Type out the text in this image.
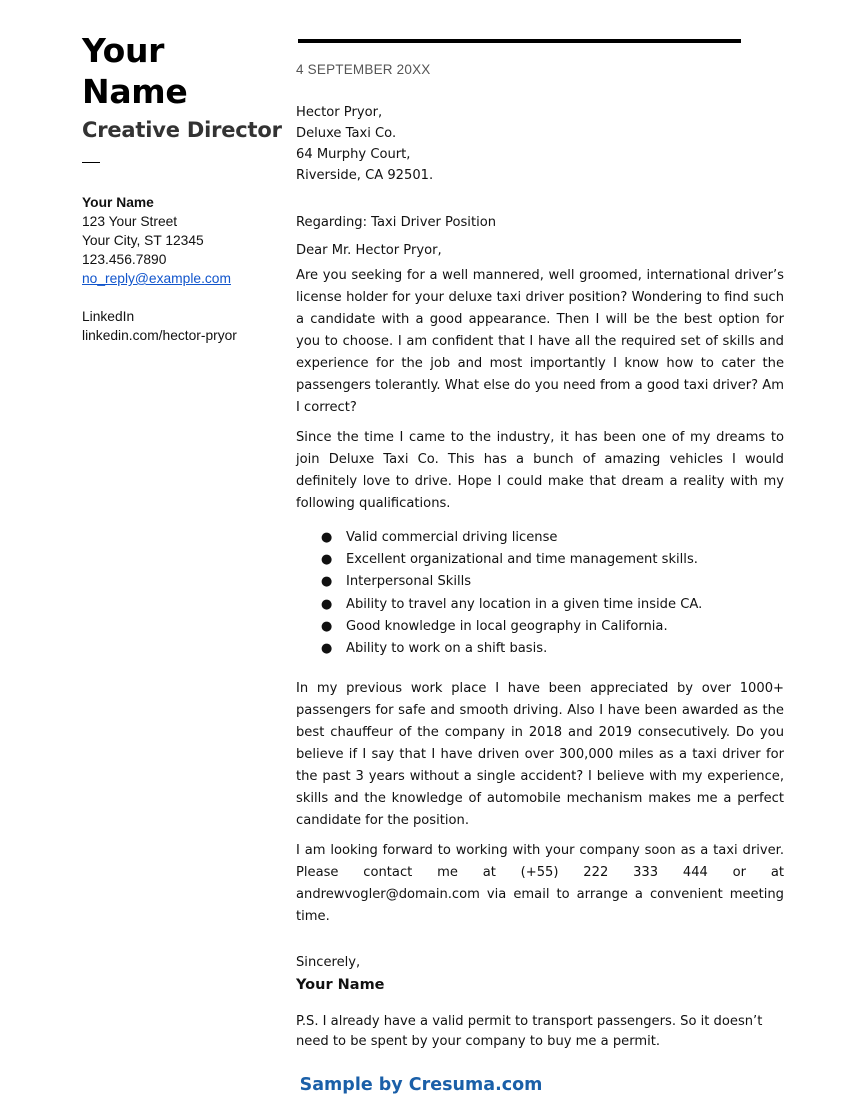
Your
Name
Creative Director
Your Name
123 Your Street
Your City, ST 12345
123.456.7890
no_reply@example.com
LinkedIn
linkedin.com/hector-pryor
4 SEPTEMBER 20XX

Hector Pryor,

Deluxe Taxi Co.

64 Murphy Court,

Riverside, CA 92501.

Regarding: Taxi Driver Position

Dear Mr. Hector Pryor,

Are you seeking for a well mannered, well groomed, international driver’s license holder for your deluxe taxi driver position? Wondering to find such a candidate with a good appearance. Then I will be the best option for you to choose. I am confident that I have all the required set of skills and experience for the job and most importantly I know how to cater the passengers tolerantly. What else do you need from a good taxi driver? Am I correct?

Since the time I came to the industry, it has been one of my dreams to join Deluxe Taxi Co. This has a bunch of amazing vehicles I would definitely love to drive. Hope I could make that dream a reality with my following qualifications.

● Valid commercial driving license
● Excellent organizational and time management skills.
● Interpersonal Skills
● Ability to travel any location in a given time inside CA.
● Good knowledge in local geography in California.
● Ability to work on a shift basis.

In my previous work place I have been appreciated by over 1000+ passengers for safe and smooth driving. Also I have been awarded as the best chauffeur of the company in 2018 and 2019 consecutively. Do you believe if I say that I have driven over 300,000 miles as a taxi driver for the past 3 years without a single accident? I believe with my experience, skills and the knowledge of automobile mechanism makes me a perfect candidate for the position.

I am looking forward to working with your company soon as a taxi driver. Please contact me at (+55) 222 333 444 or at andrewvogler@domain.com via email to arrange a convenient meeting time.

Sincerely,

Your Name

P.S. I already have a valid permit to transport passengers. So it doesn’t need to be spent by your company to buy me a permit.

Sample by Cresuma.com
